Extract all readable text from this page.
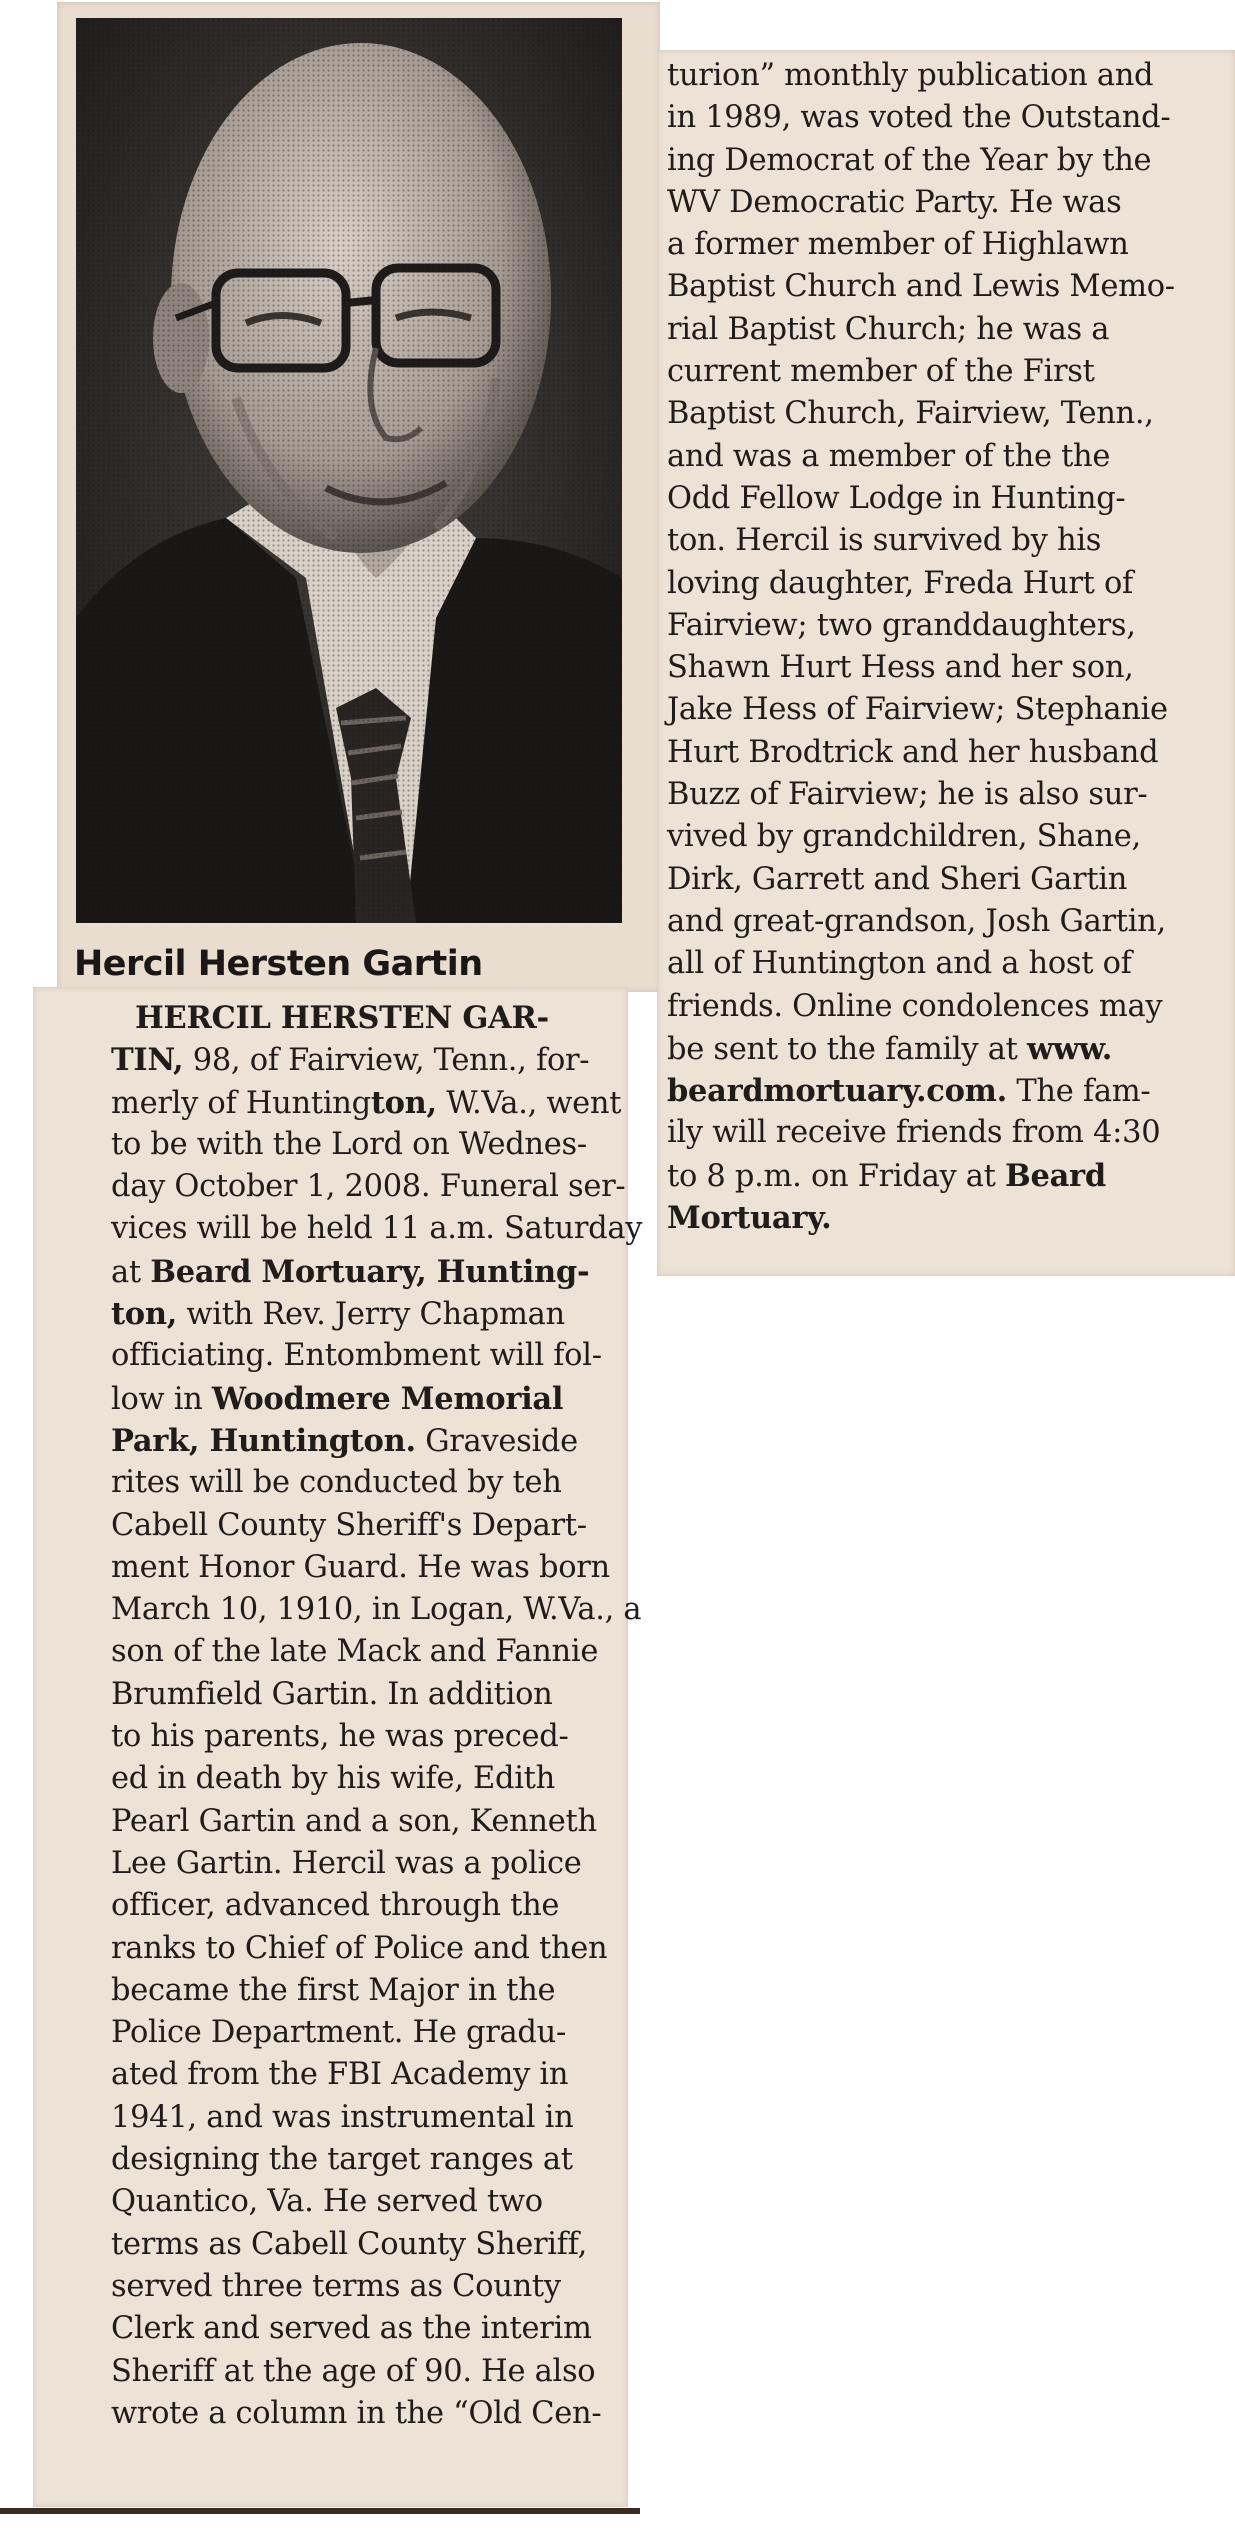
Hercil Hersten Gartin
HERCIL HERSTEN GAR-
TIN, 98, of Fairview, Tenn., for-
merly of Huntington, W.Va., went
to be with the Lord on Wednes-
day October 1, 2008. Funeral ser-
vices will be held 11 a.m. Saturday
at Beard Mortuary, Hunting-
ton, with Rev. Jerry Chapman
officiating. Entombment will fol-
low in Woodmere Memorial
Park, Huntington. Graveside
rites will be conducted by teh
Cabell County Sheriff's Depart-
ment Honor Guard. He was born
March 10, 1910, in Logan, W.Va., a
son of the late Mack and Fannie
Brumfield Gartin. In addition
to his parents, he was preced-
ed in death by his wife, Edith
Pearl Gartin and a son, Kenneth
Lee Gartin. Hercil was a police
officer, advanced through the
ranks to Chief of Police and then
became the first Major in the
Police Department. He gradu-
ated from the FBI Academy in
1941, and was instrumental in
designing the target ranges at
Quantico, Va. He served two
terms as Cabell County Sheriff,
served three terms as County
Clerk and served as the interim
Sheriff at the age of 90. He also
wrote a column in the “Old Cen-
turion” monthly publication and
in 1989, was voted the Outstand-
ing Democrat of the Year by the
WV Democratic Party. He was
a former member of Highlawn
Baptist Church and Lewis Memo-
rial Baptist Church; he was a
current member of the First
Baptist Church, Fairview, Tenn.,
and was a member of the the
Odd Fellow Lodge in Hunting-
ton. Hercil is survived by his
loving daughter, Freda Hurt of
Fairview; two granddaughters,
Shawn Hurt Hess and her son,
Jake Hess of Fairview; Stephanie
Hurt Brodtrick and her husband
Buzz of Fairview; he is also sur-
vived by grandchildren, Shane,
Dirk, Garrett and Sheri Gartin
and great-grandson, Josh Gartin,
all of Huntington and a host of
friends. Online condolences may
be sent to the family at www.
beardmortuary.com. The fam-
ily will receive friends from 4:30
to 8 p.m. on Friday at Beard
Mortuary.
